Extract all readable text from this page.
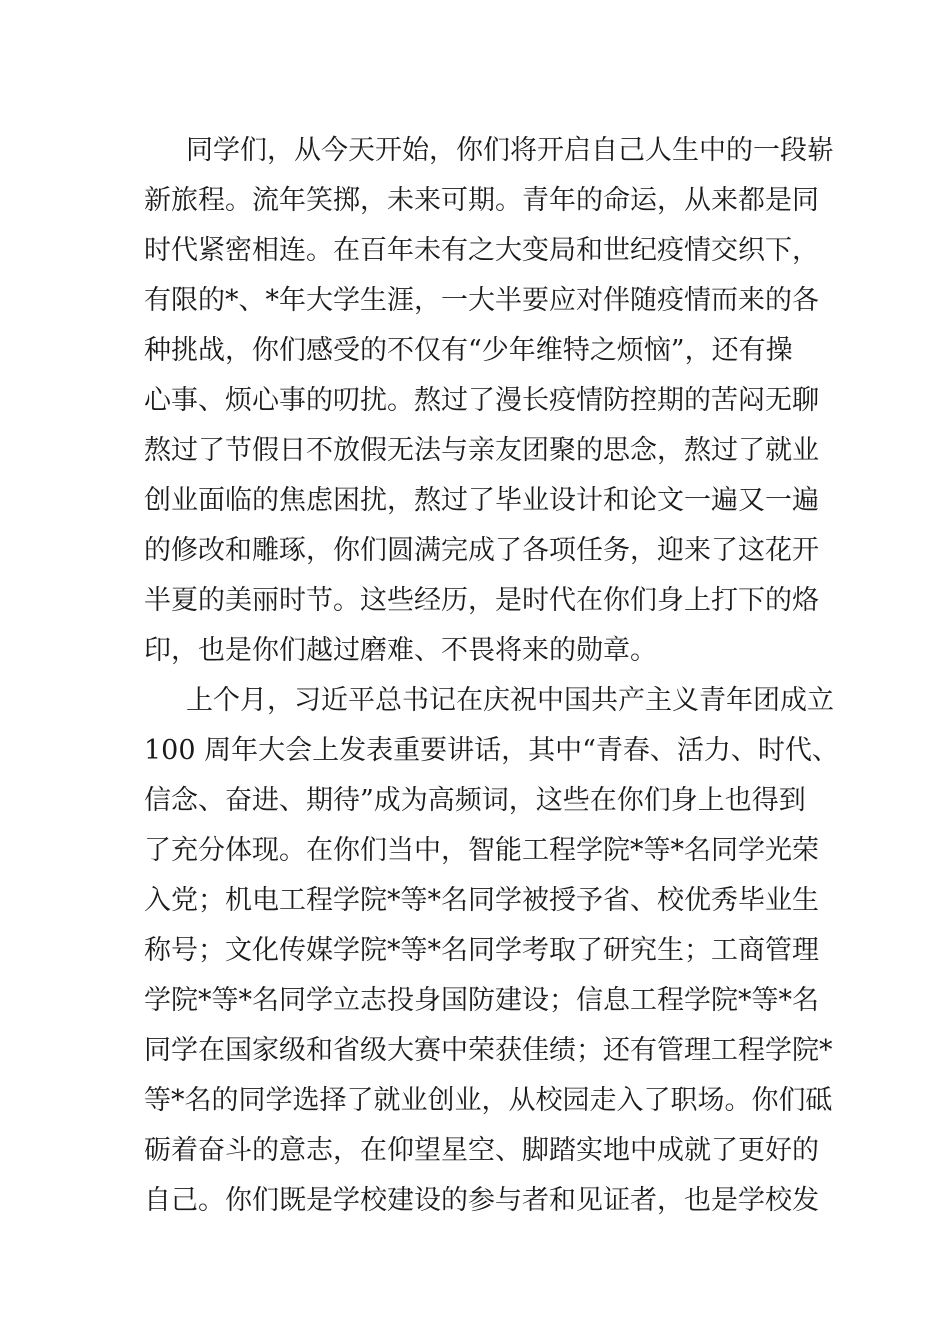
同学们，从今天开始，你们将开启自己人生中的一段崭
新旅程。流年笑掷，未来可期。青年的命运，从来都是同
时代紧密相连。在百年未有之大变局和世纪疫情交织下，
有限的*、*年大学生涯，一大半要应对伴随疫情而来的各
种挑战，你们感受的不仅有“少年维特之烦恼”，还有操
心事、烦心事的叨扰。熬过了漫长疫情防控期的苦闷无聊
熬过了节假日不放假无法与亲友团聚的思念，熬过了就业
创业面临的焦虑困扰，熬过了毕业设计和论文一遍又一遍
的修改和雕琢，你们圆满完成了各项任务，迎来了这花开
半夏的美丽时节。这些经历，是时代在你们身上打下的烙
印，也是你们越过磨难、不畏将来的勋章。
上个月，习近平总书记在庆祝中国共产主义青年团成立
100 周年大会上发表重要讲话，其中“青春、活力、时代、
信念、奋进、期待”成为高频词，这些在你们身上也得到
了充分体现。在你们当中，智能工程学院*等*名同学光荣
入党；机电工程学院*等*名同学被授予省、校优秀毕业生
称号；文化传媒学院*等*名同学考取了研究生；工商管理
学院*等*名同学立志投身国防建设；信息工程学院*等*名
同学在国家级和省级大赛中荣获佳绩；还有管理工程学院*
等*名的同学选择了就业创业，从校园走入了职场。你们砥
砺着奋斗的意志，在仰望星空、脚踏实地中成就了更好的
自己。你们既是学校建设的参与者和见证者，也是学校发
